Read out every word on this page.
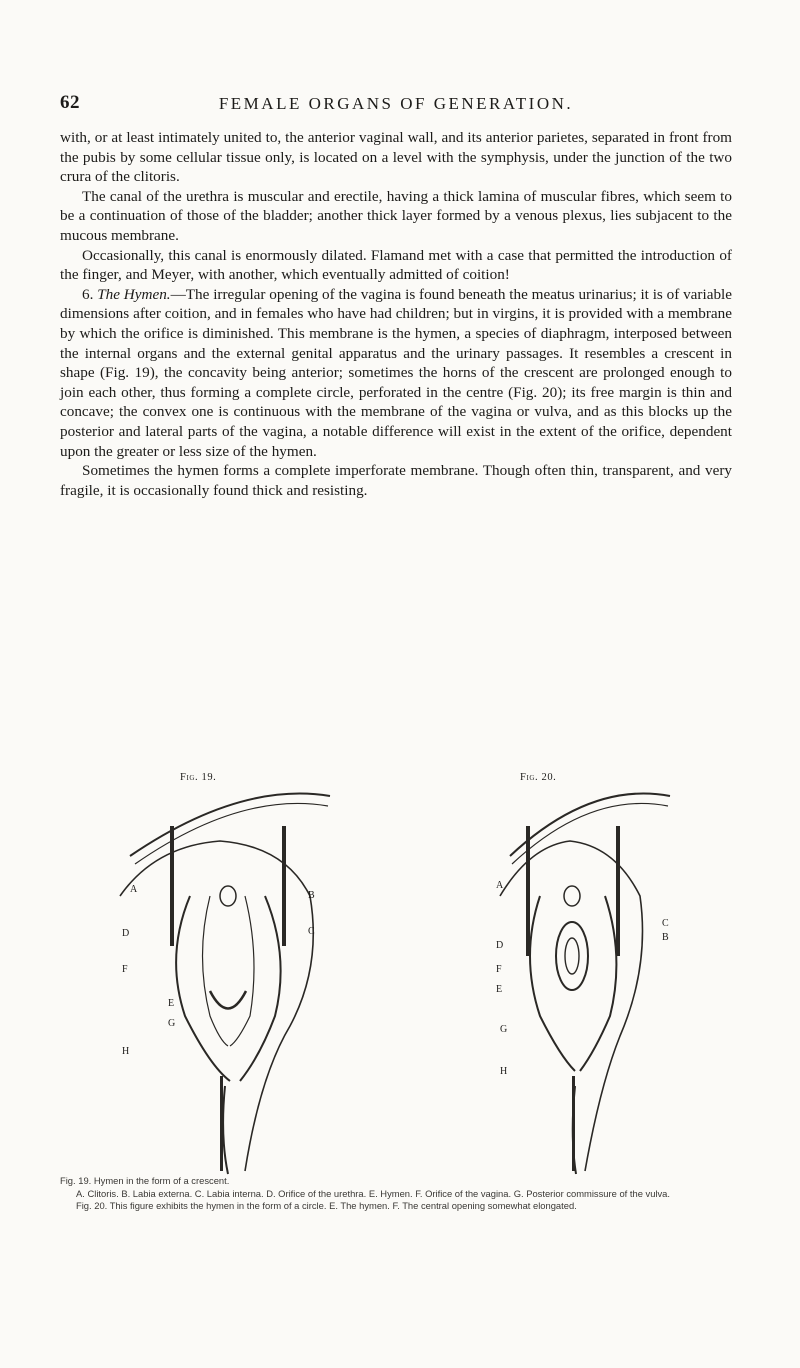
62	FEMALE ORGANS OF GENERATION.

with, or at least intimately united to, the anterior vaginal wall, and its anterior parietes, separated in front from the pubis by some cellular tissue only, is located on a level with the symphysis, under the junction of the two crura of the clitoris.

The canal of the urethra is muscular and erectile, having a thick lamina of muscular fibres, which seem to be a continuation of those of the bladder; another thick layer formed by a venous plexus, lies subjacent to the mucous membrane.

Occasionally, this canal is enormously dilated. Flamand met with a case that permitted the introduction of the finger, and Meyer, with another, which eventually admitted of coition!

6. The Hymen.—The irregular opening of the vagina is found beneath the meatus urinarius; it is of variable dimensions after coition, and in females who have had children; but in virgins, it is provided with a membrane by which the orifice is diminished. This membrane is the hymen, a species of diaphragm, interposed between the internal organs and the external genital apparatus and the urinary passages. It resembles a crescent in shape (Fig. 19), the concavity being anterior; sometimes the horns of the crescent are prolonged enough to join each other, thus forming a complete circle, perforated in the centre (Fig. 20); its free margin is thin and concave; the convex one is continuous with the membrane of the vagina or vulva, and as this blocks up the posterior and lateral parts of the vagina, a notable difference will exist in the extent of the orifice, dependent upon the greater or less size of the hymen.

Sometimes the hymen forms a complete imperforate membrane. Though often thin, transparent, and very fragile, it is occasionally found thick and resisting.

Fig. 19.	Fig. 20.
A
B
C
D
F
E
G
H
A
C
B
D
F
E
G
H

Fig. 19. Hymen in the form of a crescent.

A. Clitoris. B. Labia externa. C. Labia interna. D. Orifice of the urethra. E. Hymen. F. Orifice of the vagina. G. Posterior commissure of the vulva.

Fig. 20. This figure exhibits the hymen in the form of a circle. E. The hymen. F. The central opening somewhat elongated.
